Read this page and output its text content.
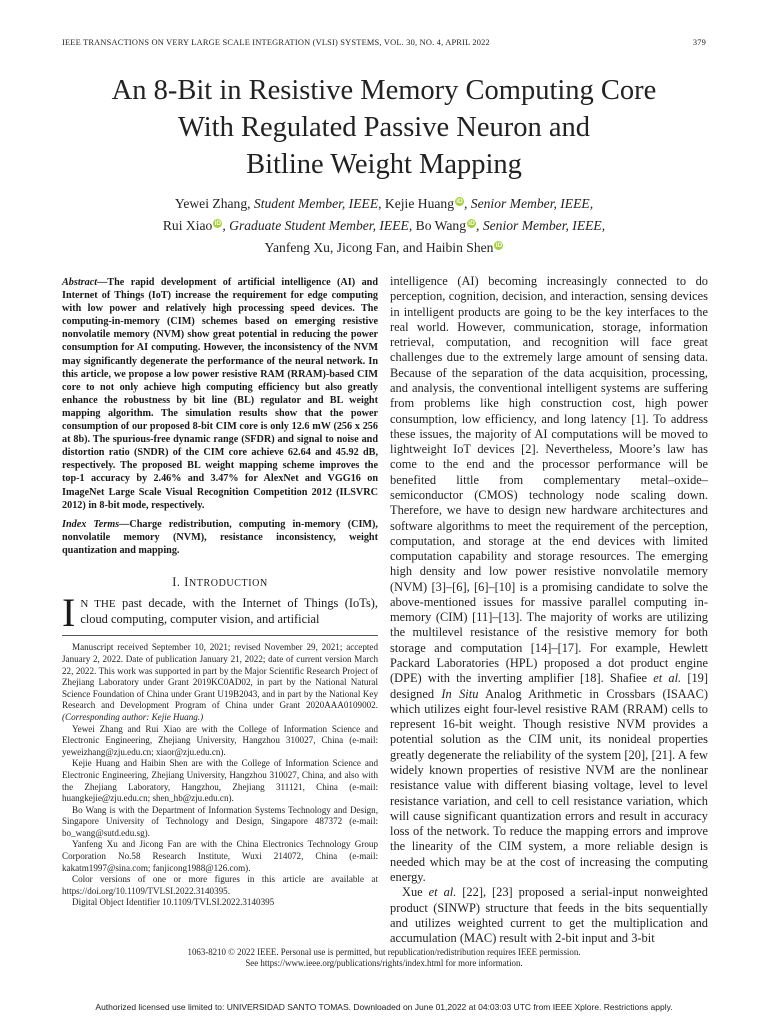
IEEE TRANSACTIONS ON VERY LARGE SCALE INTEGRATION (VLSI) SYSTEMS, VOL. 30, NO. 4, APRIL 2022	379
An 8-Bit in Resistive Memory Computing Core
With Regulated Passive Neuron and
Bitline Weight Mapping
Yewei Zhang, Student Member, IEEE, Kejie Huang iD, Senior Member, IEEE,
Rui Xiao iD, Graduate Student Member, IEEE, Bo Wang iD, Senior Member, IEEE,
Yanfeng Xu, Jicong Fan, and Haibin Shen iD
Abstract—The rapid development of artificial intelligence (AI) and Internet of Things (IoT) increase the requirement for edge computing with low power and relatively high processing speed devices. The computing-in-memory (CIM) schemes based on emerging resistive nonvolatile memory (NVM) show great potential in reducing the power consumption for AI computing. However, the inconsistency of the NVM may significantly degenerate the performance of the neural network. In this article, we propose a low power resistive RAM (RRAM)-based CIM core to not only achieve high computing efficiency but also greatly enhance the robustness by bit line (BL) regulator and BL weight mapping algorithm. The simulation results show that the power consumption of our proposed 8-bit CIM core is only 12.6 mW (256 x 256 at 8b). The spurious-free dynamic range (SFDR) and signal to noise and distortion ratio (SNDR) of the CIM core achieve 62.64 and 45.92 dB, respectively. The proposed BL weight mapping scheme improves the top-1 accuracy by 2.46% and 3.47% for AlexNet and VGG16 on ImageNet Large Scale Visual Recognition Competition 2012 (ILSVRC 2012) in 8-bit mode, respectively.
Index Terms—Charge redistribution, computing in-memory (CIM), nonvolatile memory (NVM), resistance inconsistency, weight quantization and mapping.
I. INTRODUCTION
IN THE past decade, with the Internet of Things (IoTs), cloud computing, computer vision, and artificial

Manuscript received September 10, 2021; revised November 29, 2021; accepted January 2, 2022. Date of publication January 21, 2022; date of current version March 22, 2022. This work was supported in part by the Major Scientific Research Project of Zhejiang Laboratory under Grant 2019KC0AD02, in part by the National Natural Science Foundation of China under Grant U19B2043, and in part by the National Key Research and Development Program of China under Grant 2020AAA0109002. (Corresponding author: Kejie Huang.)

Yewei Zhang and Rui Xiao are with the College of Information Science and Electronic Engineering, Zhejiang University, Hangzhou 310027, China (e-mail: yeweizhang@zju.edu.cn; xiaor@zju.edu.cn).

Kejie Huang and Haibin Shen are with the College of Information Science and Electronic Engineering, Zhejiang University, Hangzhou 310027, China, and also with the Zhejiang Laboratory, Hangzhou, Zhejiang 311121, China (e-mail: huangkejie@zju.edu.cn; shen_hb@zju.edu.cn).

Bo Wang is with the Department of Information Systems Technology and Design, Singapore University of Technology and Design, Singapore 487372 (e-mail: bo_wang@sutd.edu.sg).

Yanfeng Xu and Jicong Fan are with the China Electronics Technology Group Corporation No.58 Research Institute, Wuxi 214072, China (e-mail: kakatm1997@sina.com; fanjicong1988@126.com).

Color versions of one or more figures in this article are available at https://doi.org/10.1109/TVLSI.2022.3140395.

Digital Object Identifier 10.1109/TVLSI.2022.3140395

intelligence (AI) becoming increasingly connected to do perception, cognition, decision, and interaction, sensing devices in intelligent products are going to be the key interfaces to the real world. However, communication, storage, information retrieval, computation, and recognition will face great challenges due to the extremely large amount of sensing data. Because of the separation of the data acquisition, processing, and analysis, the conventional intelligent systems are suffering from problems like high construction cost, high power consumption, low efficiency, and long latency [1]. To address these issues, the majority of AI computations will be moved to lightweight IoT devices [2]. Nevertheless, Moore’s law has come to the end and the processor performance will be benefited little from complementary metal–oxide–semiconductor (CMOS) technology node scaling down. Therefore, we have to design new hardware architectures and software algorithms to meet the requirement of the perception, computation, and storage at the end devices with limited computation capability and storage resources. The emerging high density and low power resistive nonvolatile memory (NVM) [3]–[6], [6]–[10] is a promising candidate to solve the above-mentioned issues for massive parallel computing in-memory (CIM) [11]–[13]. The majority of works are utilizing the multilevel resistance of the resistive memory for both storage and computation [14]–[17]. For example, Hewlett Packard Laboratories (HPL) proposed a dot product engine (DPE) with the inverting amplifier [18]. Shafiee et al. [19] designed In Situ Analog Arithmetic in Crossbars (ISAAC) which utilizes eight four-level resistive RAM (RRAM) cells to represent 16-bit weight. Though resistive NVM provides a potential solution as the CIM unit, its nonideal properties greatly degenerate the reliability of the system [20], [21]. A few widely known properties of resistive NVM are the nonlinear resistance value with different biasing voltage, level to level resistance variation, and cell to cell resistance variation, which will cause significant quantization errors and result in accuracy loss of the network. To reduce the mapping errors and improve the linearity of the CIM system, a more reliable design is needed which may be at the cost of increasing the computing energy.

Xue et al. [22], [23] proposed a serial-input nonweighted product (SINWP) structure that feeds in the bits sequentially and utilizes weighted current to get the multiplication and accumulation (MAC) result with 2-bit input and 3-bit

1063-8210 © 2022 IEEE. Personal use is permitted, but republication/redistribution requires IEEE permission.
See https://www.ieee.org/publications/rights/index.html for more information.
Authorized licensed use limited to: UNIVERSIDAD SANTO TOMAS. Downloaded on June 01,2022 at 04:03:03 UTC from IEEE Xplore. Restrictions apply.
